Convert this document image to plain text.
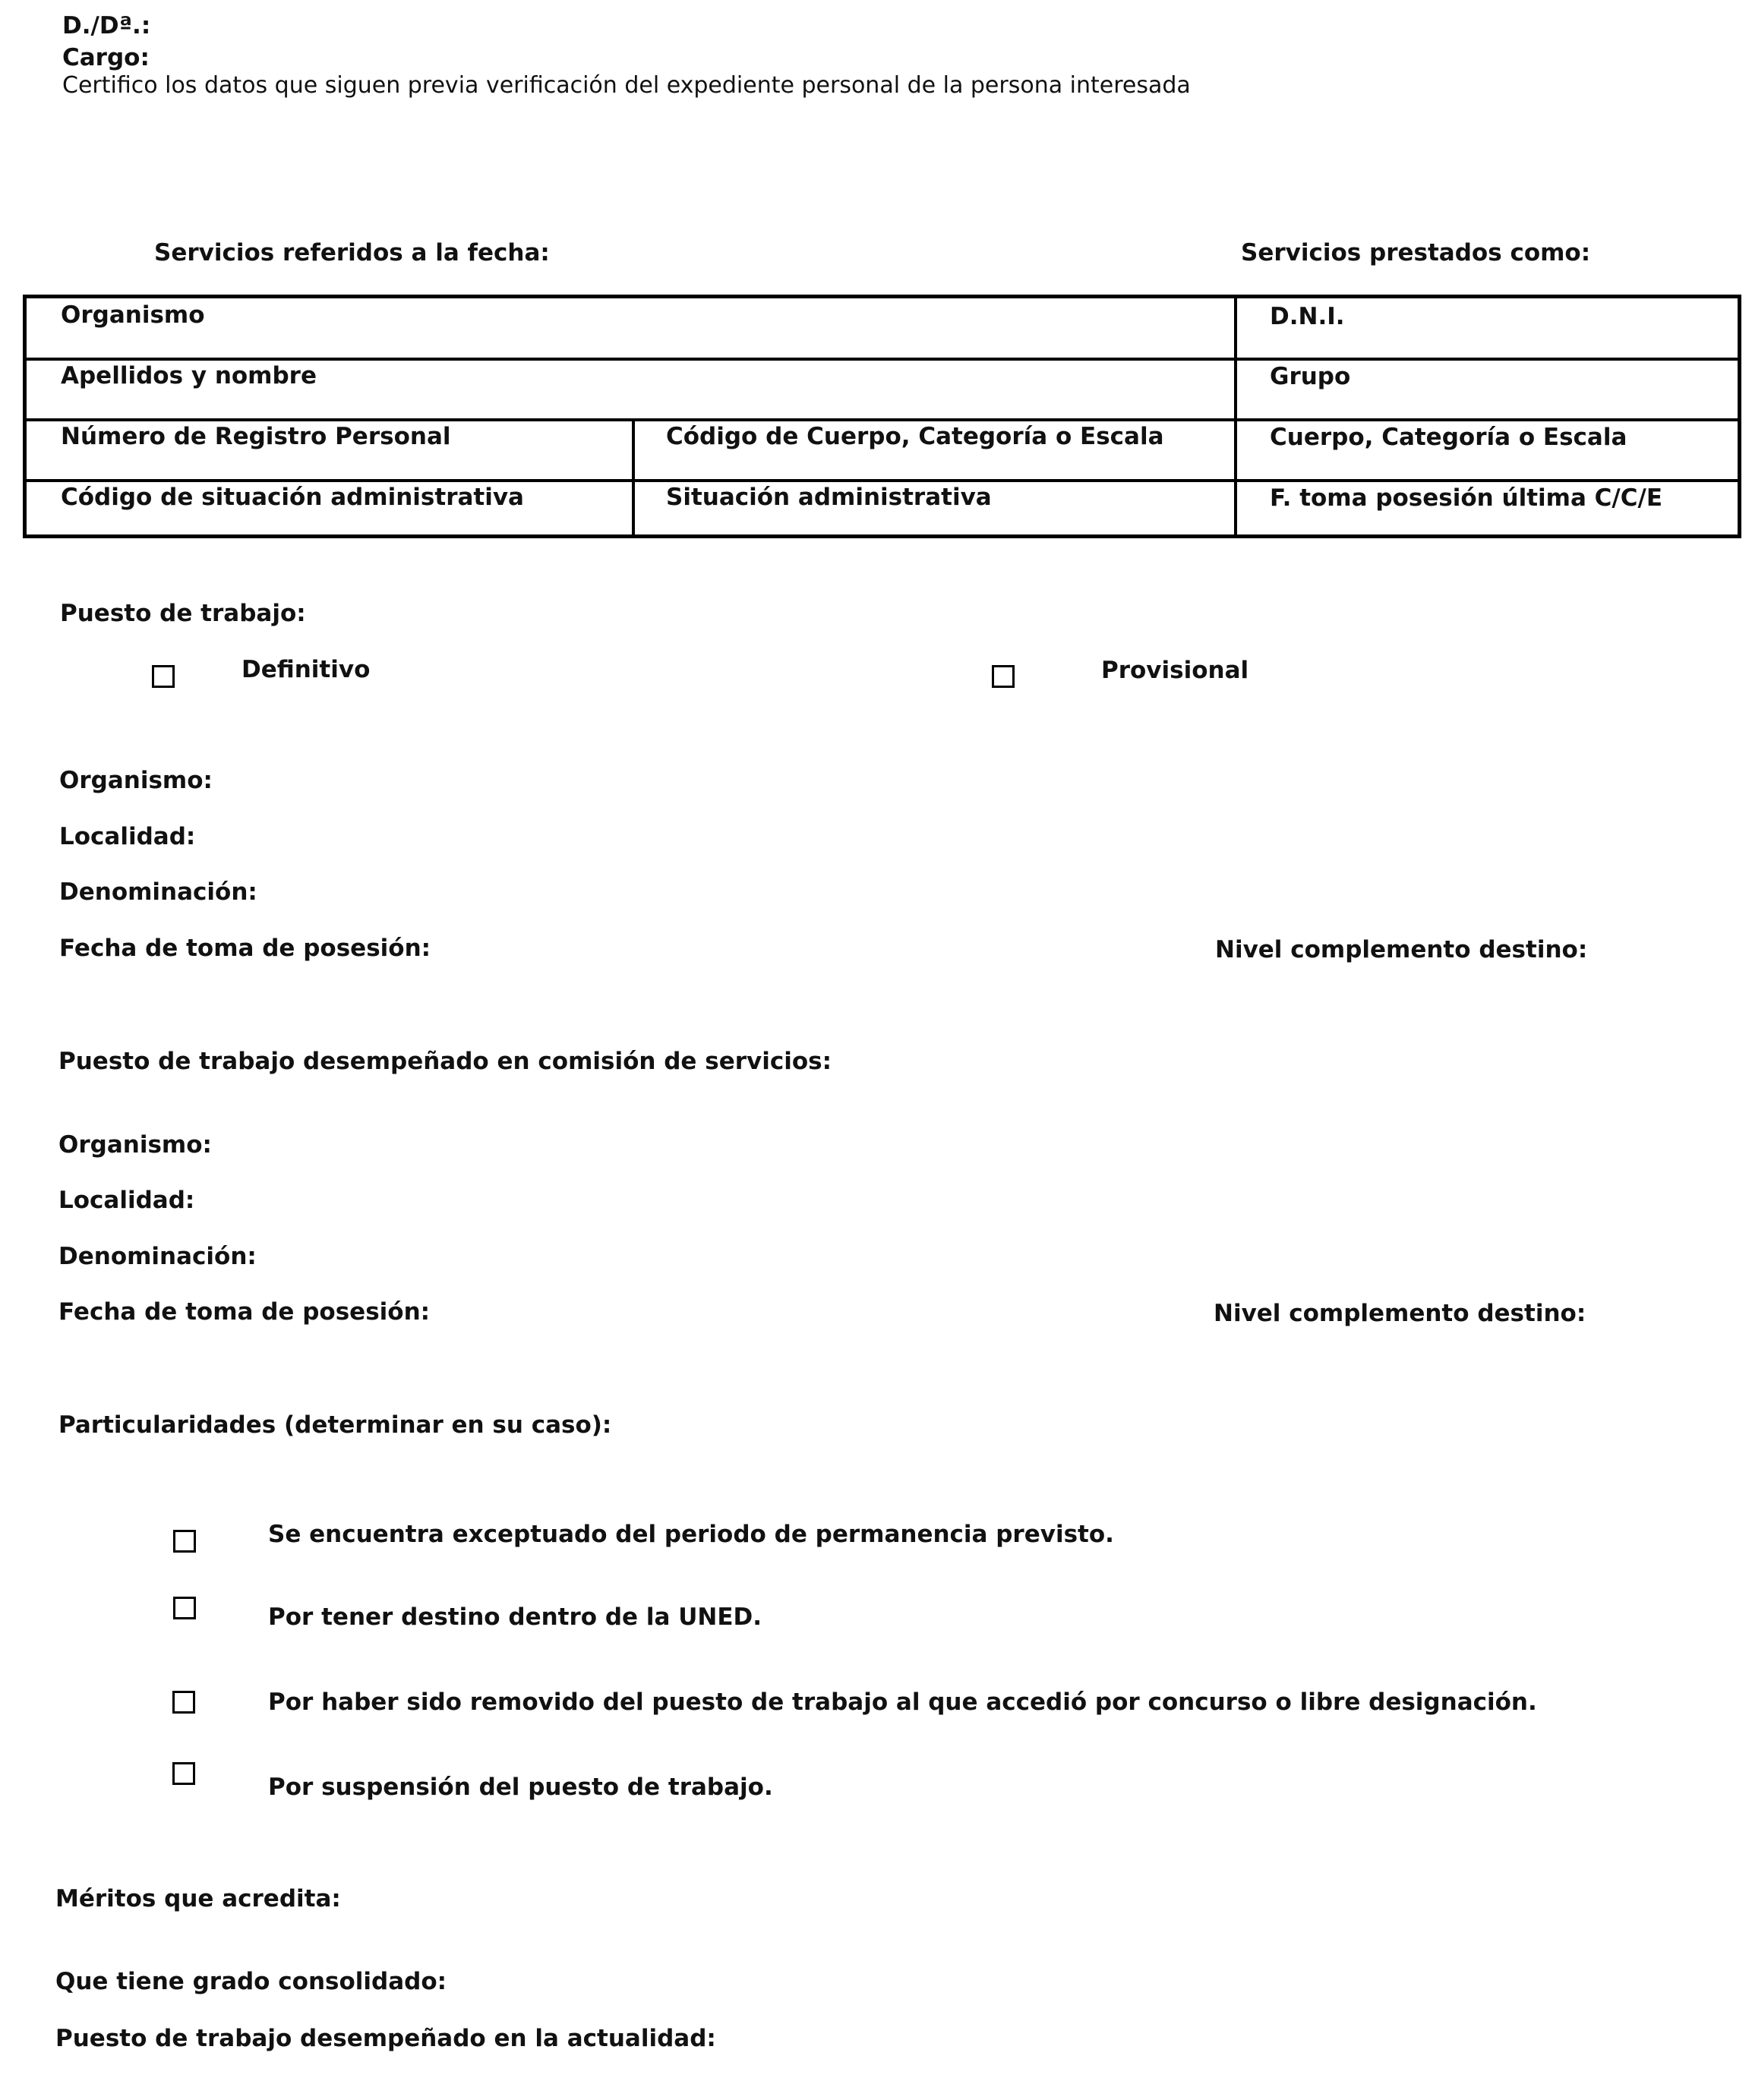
D./Dª.:
Cargo:
Certifico los datos que siguen previa verificación del expediente personal de la persona interesada
Servicios referidos a la fecha:	Servicios prestados como:
Organismo	D.N.I.
Apellidos y nombre	Grupo
Número de Registro Personal	Código de Cuerpo, Categoría o Escala	Cuerpo, Categoría o Escala
Código de situación administrativa	Situación administrativa	F. toma posesión última C/C/E
Puesto de trabajo:
Definitivo	Provisional
Organismo:
Localidad:
Denominación:
Fecha de toma de posesión:	Nivel complemento destino:
Puesto de trabajo desempeñado en comisión de servicios:
Organismo:
Localidad:
Denominación:
Fecha de toma de posesión:	Nivel complemento destino:
Particularidades (determinar en su caso):
Se encuentra exceptuado del periodo de permanencia previsto.
Por tener destino dentro de la UNED.
Por haber sido removido del puesto de trabajo al que accedió por concurso o libre designación.
Por suspensión del puesto de trabajo.
Méritos que acredita:
Que tiene grado consolidado:
Puesto de trabajo desempeñado en la actualidad:
